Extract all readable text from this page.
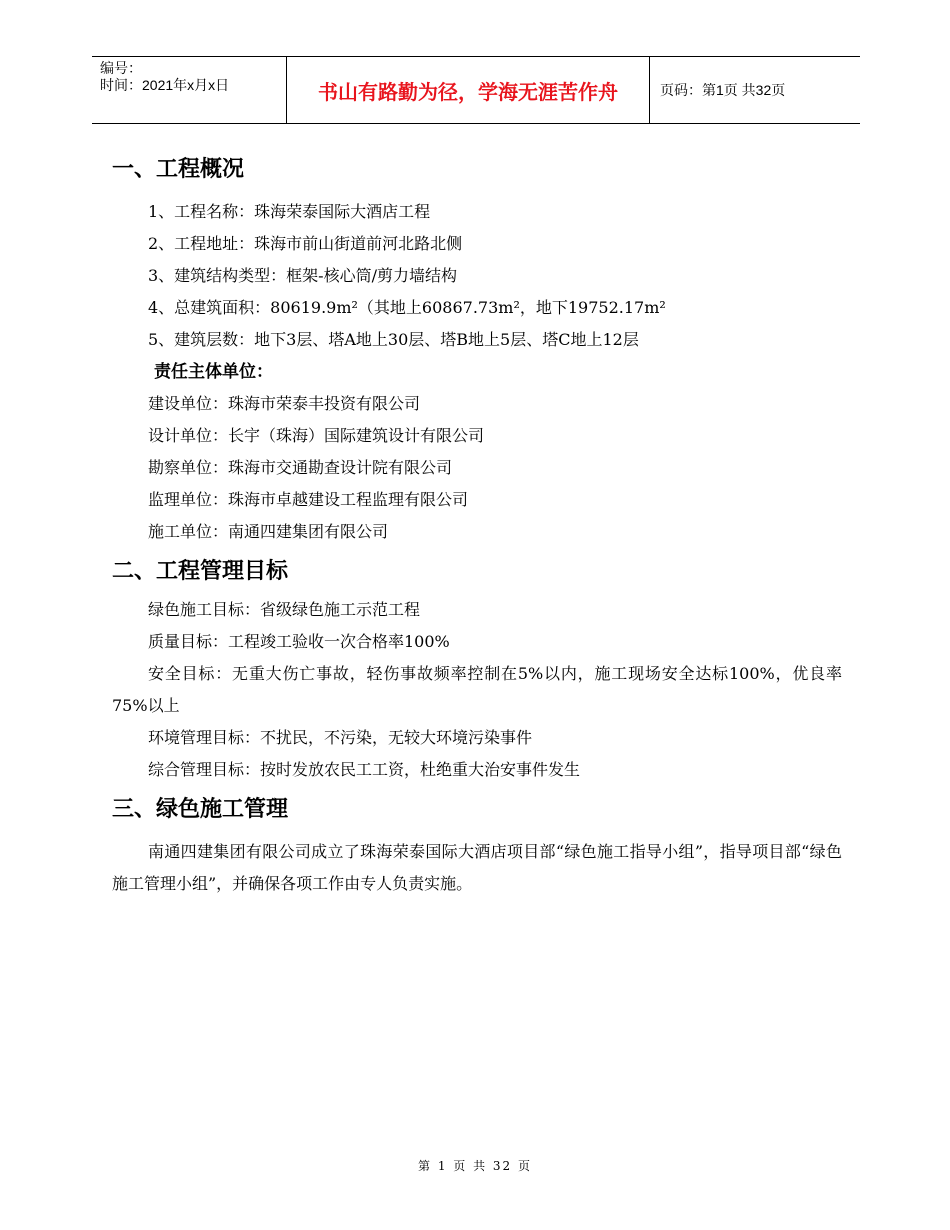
编号：
时间：2021年x月x日	书山有路勤为径，学海无涯苦作舟	页码：第1页 共32页
一、工程概况
1、工程名称：珠海荣泰国际大酒店工程
2、工程地址：珠海市前山街道前河北路北侧
3、建筑结构类型：框架-核心筒/剪力墙结构
4、总建筑面积：80619.9m²（其地上60867.73m²，地下19752.17m²
5、建筑层数：地下3层、塔A地上30层、塔B地上5层、塔C地上12层
责任主体单位：
建设单位：珠海市荣泰丰投资有限公司
设计单位：长宇（珠海）国际建筑设计有限公司
勘察单位：珠海市交通勘查设计院有限公司
监理单位：珠海市卓越建设工程监理有限公司
施工单位：南通四建集团有限公司
二、工程管理目标
绿色施工目标：省级绿色施工示范工程
质量目标：工程竣工验收一次合格率100%
安全目标：无重大伤亡事故，轻伤事故频率控制在5%以内，施工现场安全达标100%，优良率75%以上
环境管理目标：不扰民，不污染，无较大环境污染事件
综合管理目标：按时发放农民工工资，杜绝重大治安事件发生
三、绿色施工管理
南通四建集团有限公司成立了珠海荣泰国际大酒店项目部“绿色施工指导小组”，指导项目部“绿色施工管理小组”，并确保各项工作由专人负责实施。
第 1 页 共 32 页
